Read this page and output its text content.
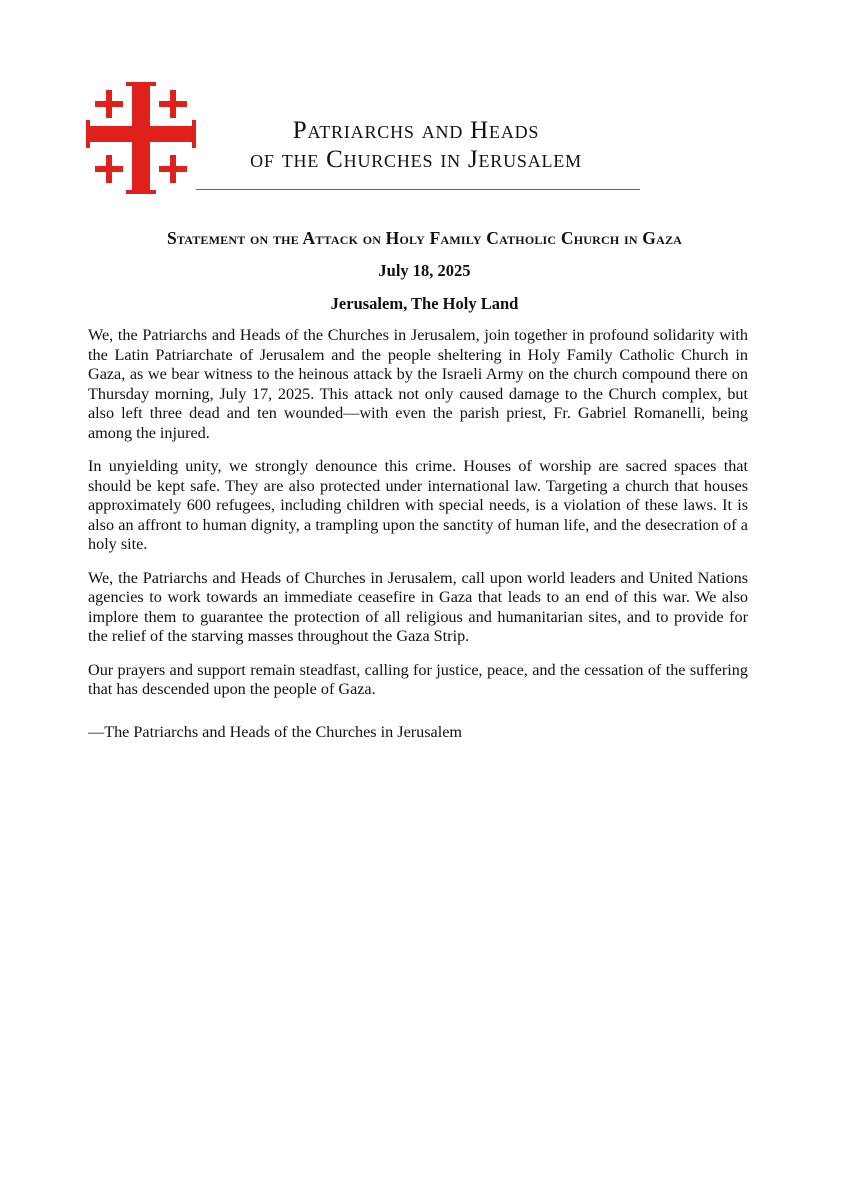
Patriarchs and Heads
of the Churches in Jerusalem
Statement on the Attack on Holy Family Catholic Church in Gaza
July 18, 2025
Jerusalem, The Holy Land

We, the Patriarchs and Heads of the Churches in Jerusalem, join together in profound solidarity with the Latin Patriarchate of Jerusalem and the people sheltering in Holy Family Catholic Church in Gaza, as we bear witness to the heinous attack by the Israeli Army on the church compound there on Thursday morning, July 17, 2025. This attack not only caused damage to the Church complex, but also left three dead and ten wounded—with even the parish priest, Fr. Gabriel Romanelli, being among the injured.

In unyielding unity, we strongly denounce this crime. Houses of worship are sacred spaces that should be kept safe. They are also protected under international law. Targeting a church that houses approximately 600 refugees, including children with special needs, is a violation of these laws. It is also an affront to human dignity, a trampling upon the sanctity of human life, and the desecration of a holy site.

We, the Patriarchs and Heads of Churches in Jerusalem, call upon world leaders and United Nations agencies to work towards an immediate ceasefire in Gaza that leads to an end of this war. We also implore them to guarantee the protection of all religious and humanitarian sites, and to provide for the relief of the starving masses throughout the Gaza Strip.

Our prayers and support remain steadfast, calling for justice, peace, and the cessation of the suffering that has descended upon the people of Gaza.

—The Patriarchs and Heads of the Churches in Jerusalem
